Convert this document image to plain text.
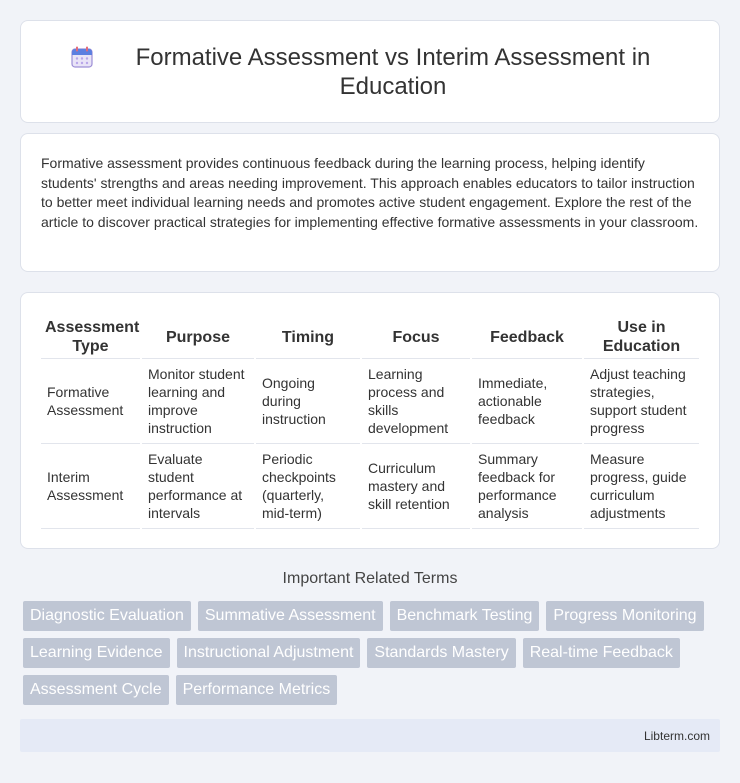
Formative Assessment vs Interim Assessment in Education

Formative assessment provides continuous feedback during the learning process, helping identify students' strengths and areas needing improvement. This approach enables educators to tailor instruction to better meet individual learning needs and promotes active student engagement. Explore the rest of the article to discover practical strategies for implementing effective formative assessments in your classroom.

Assessment Type	Purpose	Timing	Focus	Feedback	Use in Education
Formative Assessment	Monitor student learning and improve instruction	Ongoing during instruction	Learning process and skills development	Immediate, actionable feedback	Adjust teaching strategies, support student progress
Interim Assessment	Evaluate student performance at intervals	Periodic checkpoints (quarterly, mid-term)	Curriculum mastery and skill retention	Summary feedback for performance analysis	Measure progress, guide curriculum adjustments
Important Related Terms
Diagnostic Evaluation	Summative Assessment	Benchmark Testing	Progress Monitoring
Learning Evidence	Instructional Adjustment	Standards Mastery	Real-time Feedback
Assessment Cycle	Performance Metrics
Libterm.com
